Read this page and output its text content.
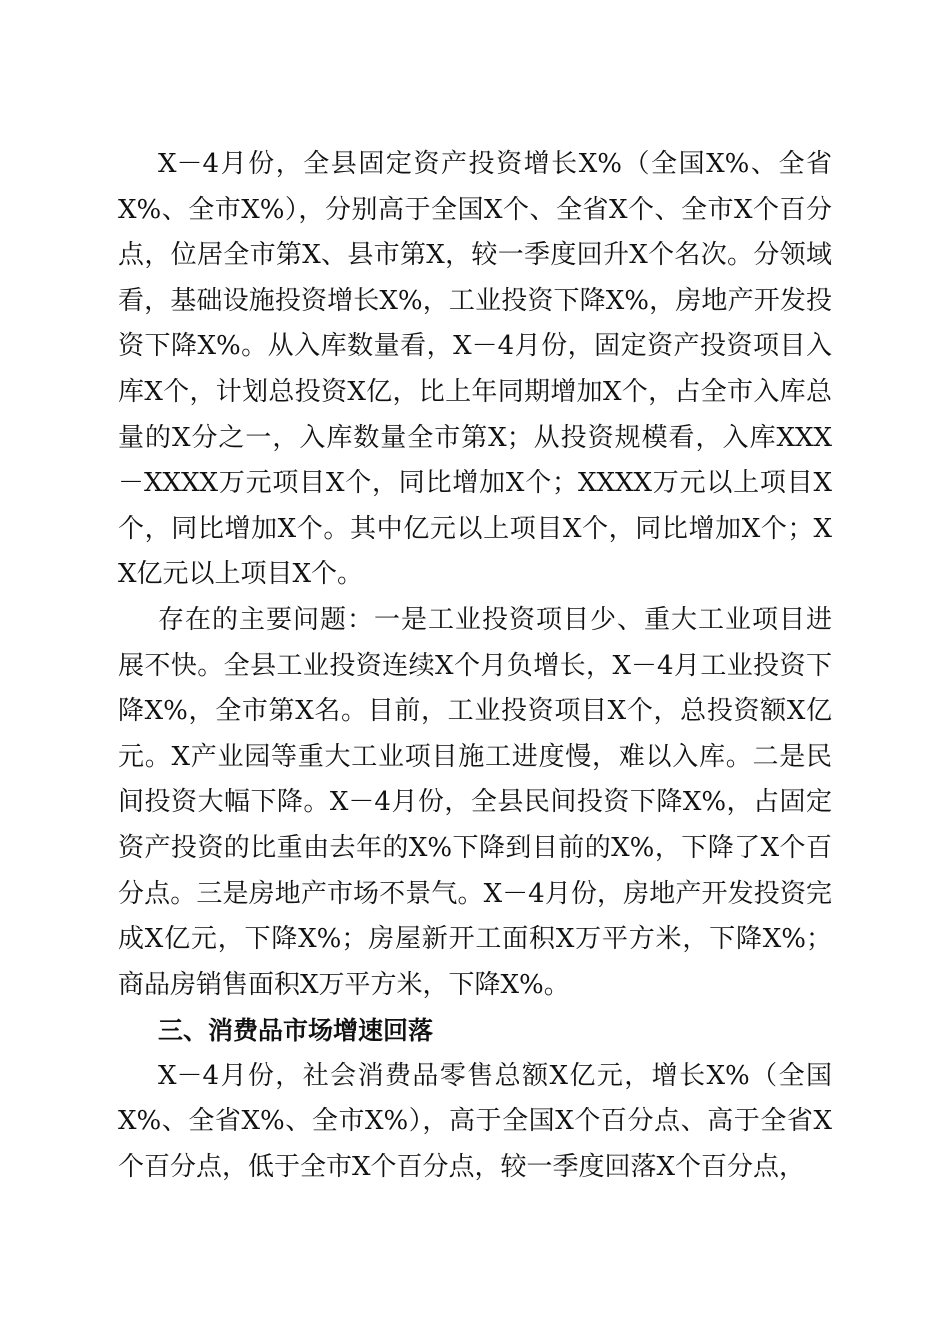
X－4月份，全县固定资产投资增长X%（全国X%、全省X%、全市X%），分别高于全国X个、全省X个、全市X个百分点，位居全市第X、县市第X，较一季度回升X个名次。分领域看，基础设施投资增长X%，工业投资下降X%，房地产开发投资下降X%。从入库数量看，X－4月份，固定资产投资项目入库X个，计划总投资X亿，比上年同期增加X个，占全市入库总量的X分之一，入库数量全市第X；从投资规模看，入库XXX－XXXX万元项目X个，同比增加X个；XXXX万元以上项目X个，同比增加X个。其中亿元以上项目X个，同比增加X个；XX亿元以上项目X个。

存在的主要问题：一是工业投资项目少、重大工业项目进展不快。全县工业投资连续X个月负增长，X－4月工业投资下降X%，全市第X名。目前，工业投资项目X个，总投资额X亿元。X产业园等重大工业项目施工进度慢，难以入库。二是民间投资大幅下降。X－4月份，全县民间投资下降X%，占固定资产投资的比重由去年的X%下降到目前的X%，下降了X个百分点。三是房地产市场不景气。X－4月份，房地产开发投资完成X亿元，下降X%；房屋新开工面积X万平方米，下降X%；商品房销售面积X万平方米，下降X%。

三、消费品市场增速回落

X－4月份，社会消费品零售总额X亿元，增长X%（全国X%、全省X%、全市X%），高于全国X个百分点、高于全省X个百分点，低于全市X个百分点，较一季度回落X个百分点，
